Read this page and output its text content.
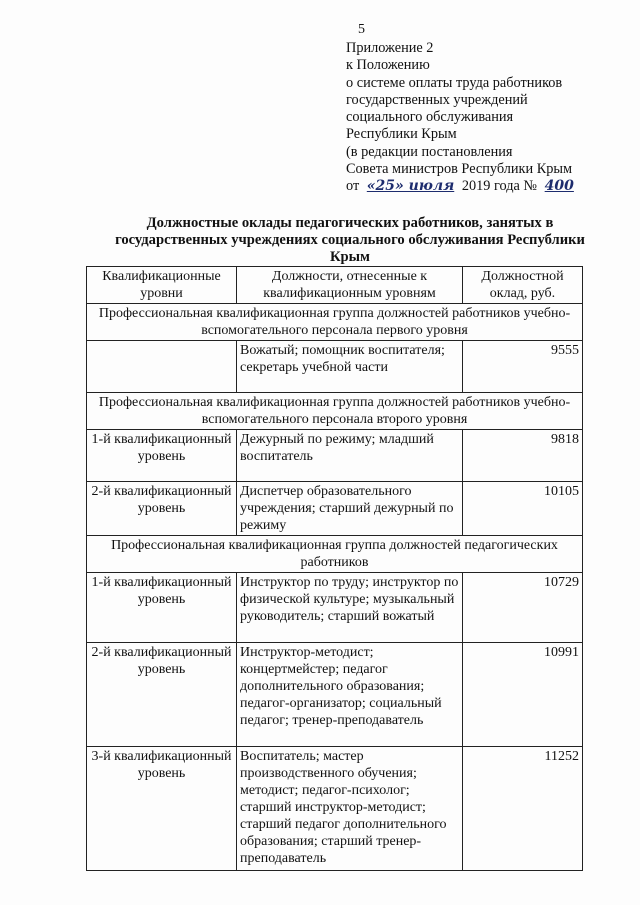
5
Приложение 2
к Положению
о системе оплаты труда работников
государственных учреждений
социального обслуживания
Республики Крым
(в редакции постановления
Совета министров Республики Крым
от «25» июля 2019 года № 400
Должностные оклады педагогических работников, занятых в государственных учреждениях социального обслуживания Республики Крым
Квалификационные уровни	Должности, отнесенные к квалификационным уровням	Должностной оклад, руб.
Профессиональная квалификационная группа должностей работников учебно-вспомогательного персонала первого уровня		
	Вожатый; помощник воспитателя; секретарь учебной части	9555
Профессиональная квалификационная группа должностей работников учебно-вспомогательного персонала второго уровня		
1-й квалификационный уровень	Дежурный по режиму; младший воспитатель	9818
2-й квалификационный уровень	Диспетчер образовательного учреждения; старший дежурный по режиму	10105
Профессиональная квалификационная группа должностей педагогических работников		
1-й квалификационный уровень	Инструктор по труду; инструктор по физической культуре; музыкальный руководитель; старший вожатый	10729
2-й квалификационный уровень	Инструктор-методист; концертмейстер; педагог дополнительного образования; педагог-организатор; социальный педагог; тренер-преподаватель	10991
3-й квалификационный уровень	Воспитатель; мастер производственного обучения; методист; педагог-психолог; старший инструктор-методист; старший педагог дополнительного образования; старший тренер-преподаватель	11252
